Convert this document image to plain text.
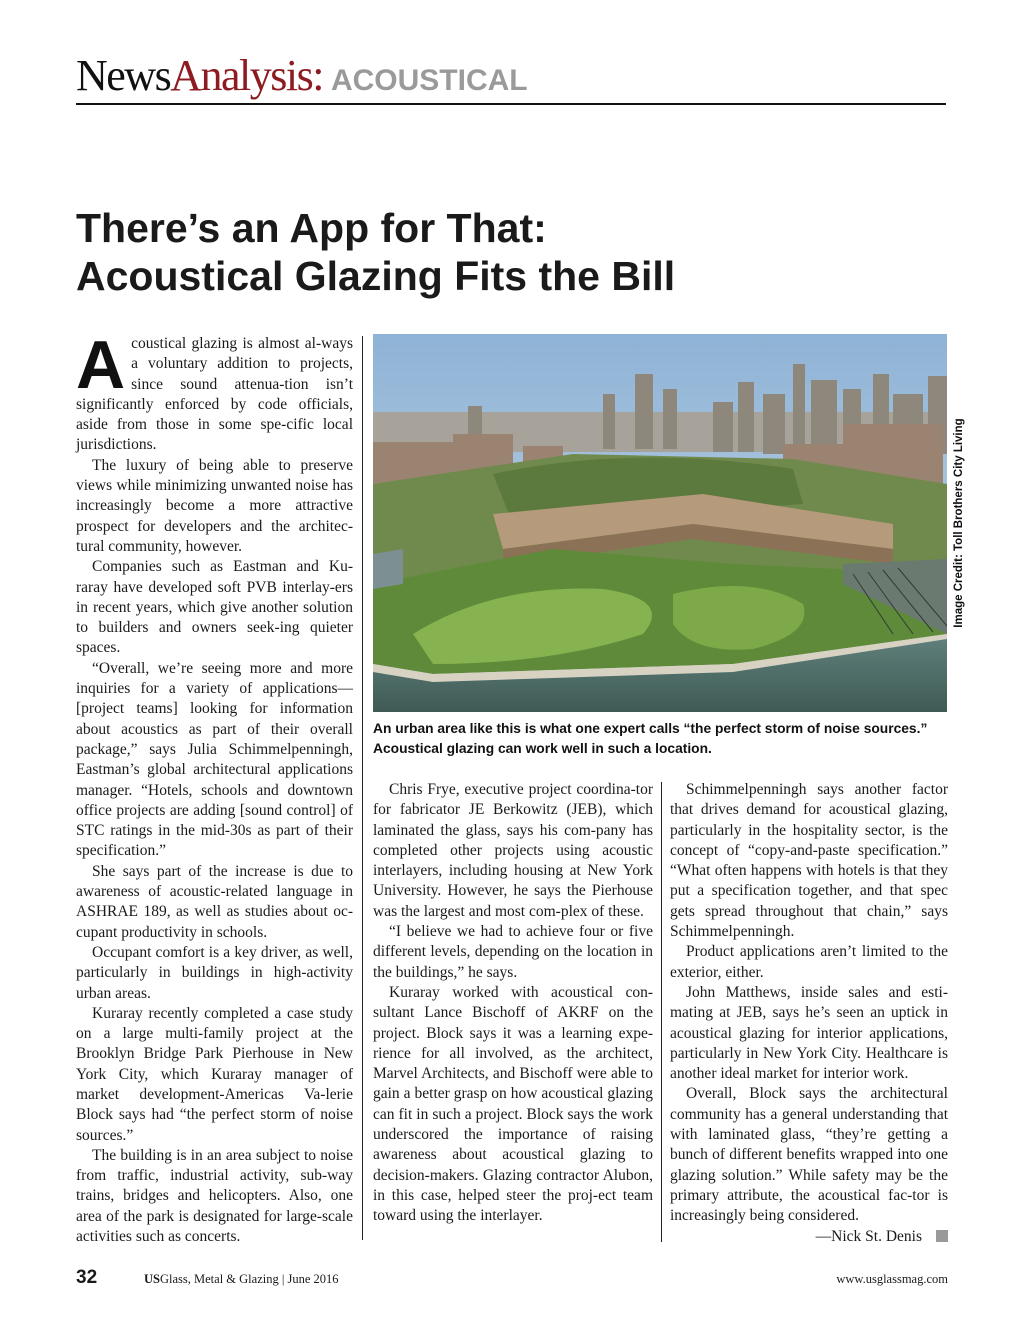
NewsAnalysis: ACOUSTICAL
There’s an App for That:
Acoustical Glazing Fits the Bill

Acoustical glazing is almost al-ways a voluntary addition to projects, since sound attenua-tion isn’t significantly enforced by code officials, aside from those in some spe-cific local jurisdictions.

The luxury of being able to preserve views while minimizing unwanted noise has increasingly become a more attractive prospect for developers and the architec-tural community, however.

Companies such as Eastman and Ku-raray have developed soft PVB interlay-ers in recent years, which give another solution to builders and owners seek-ing quieter spaces.

“Overall, we’re seeing more and more inquiries for a variety of applications—[project teams] looking for information about acoustics as part of their overall package,” says Julia Schimmelpenningh, Eastman’s global architectural applications manager. “Hotels, schools and downtown office projects are adding [sound control] of STC ratings in the mid-30s as part of their specification.”

She says part of the increase is due to awareness of acoustic-related language in ASHRAE 189, as well as studies about oc-cupant productivity in schools.

Occupant comfort is a key driver, as well, particularly in buildings in high-activity urban areas.

Kuraray recently completed a case study on a large multi-family project at the Brooklyn Bridge Park Pierhouse in New York City, which Kuraray manager of market development-Americas Va-lerie Block says had “the perfect storm of noise sources.”

The building is in an area subject to noise from traffic, industrial activity, sub-way trains, bridges and helicopters. Also, one area of the park is designated for large-scale activities such as concerts.

Image Credit: Toll Brothers City Living
An urban area like this is what one expert calls “the perfect storm of noise sources.” Acoustical glazing can work well in such a location.

Chris Frye, executive project coordina-tor for fabricator JE Berkowitz (JEB), which laminated the glass, says his com-pany has completed other projects using acoustic interlayers, including housing at New York University. However, he says the Pierhouse was the largest and most com-plex of these.

“I believe we had to achieve four or five different levels, depending on the location in the buildings,” he says.

Kuraray worked with acoustical con-sultant Lance Bischoff of AKRF on the project. Block says it was a learning expe-rience for all involved, as the architect, Marvel Architects, and Bischoff were able to gain a better grasp on how acoustical glazing can fit in such a project. Block says the work underscored the importance of raising awareness about acoustical glazing to decision-makers. Glazing contractor Alubon, in this case, helped steer the proj-ect team toward using the interlayer.

Schimmelpenningh says another factor that drives demand for acoustical glazing, particularly in the hospitality sector, is the concept of “copy-and-paste specification.” “What often happens with hotels is that they put a specification together, and that spec gets spread throughout that chain,” says Schimmelpenningh.

Product applications aren’t limited to the exterior, either.

John Matthews, inside sales and esti-mating at JEB, says he’s seen an uptick in acoustical glazing for interior applications, particularly in New York City. Healthcare is another ideal market for interior work.

Overall, Block says the architectural community has a general understanding that with laminated glass, “they’re getting a bunch of different benefits wrapped into one glazing solution.” While safety may be the primary attribute, the acoustical fac-tor is increasingly being considered.

—Nick St. Denis

32	USGlass, Metal & Glazing | June 2016	www.usglassmag.com
